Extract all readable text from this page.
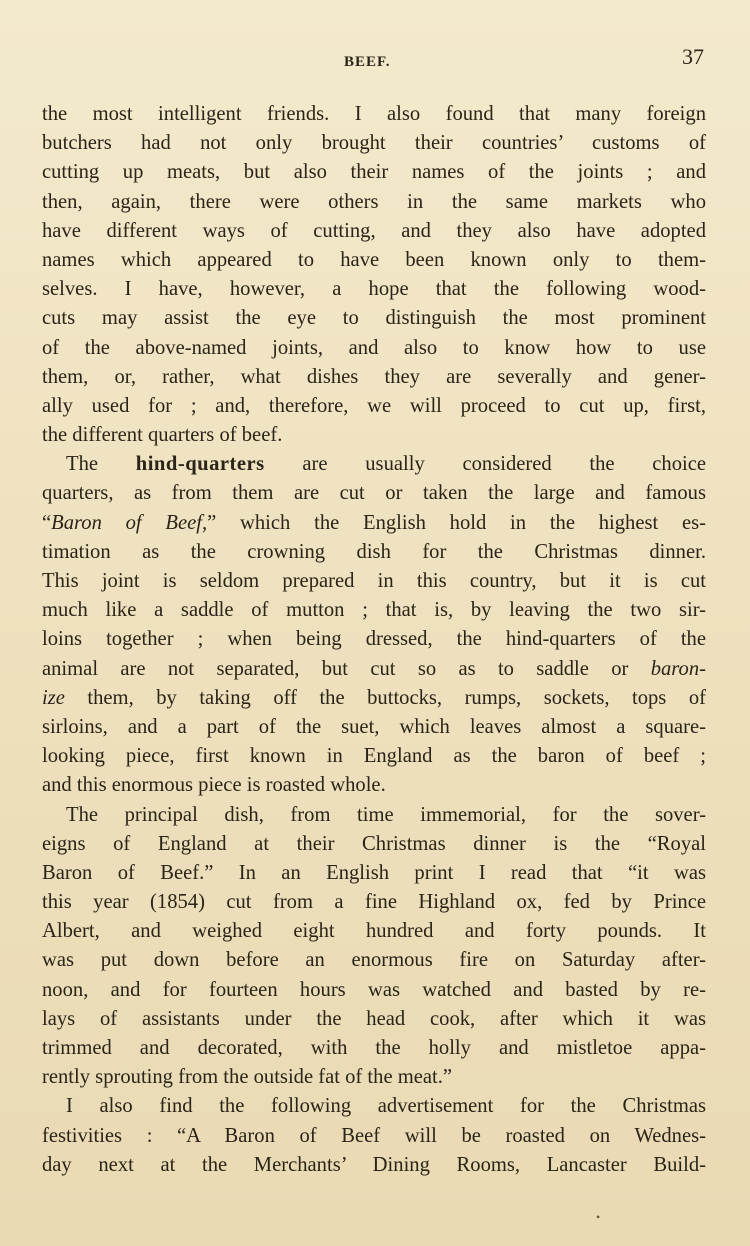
BEEF.	37
the most intelligent friends. I also found that many foreign
butchers had not only brought their countries’ customs of
cutting up meats, but also their names of the joints ; and
then, again, there were others in the same markets who
have different ways of cutting, and they also have adopted
names which appeared to have been known only to them-
selves. I have, however, a hope that the following wood-
cuts may assist the eye to distinguish the most prominent
of the above-named joints, and also to know how to use
them, or, rather, what dishes they are severally and gener-
ally used for ; and, therefore, we will proceed to cut up, first,
the different quarters of beef.
The hind-quarters are usually considered the choice
quarters, as from them are cut or taken the large and famous
“Baron of Beef,” which the English hold in the highest es-
timation as the crowning dish for the Christmas dinner.
This joint is seldom prepared in this country, but it is cut
much like a saddle of mutton ; that is, by leaving the two sir-
loins together ; when being dressed, the hind-quarters of the
animal are not separated, but cut so as to saddle or baron-
ize them, by taking off the buttocks, rumps, sockets, tops of
sirloins, and a part of the suet, which leaves almost a square-
looking piece, first known in England as the baron of beef ;
and this enormous piece is roasted whole.
The principal dish, from time immemorial, for the sover-
eigns of England at their Christmas dinner is the “Royal
Baron of Beef.” In an English print I read that “it was
this year (1854) cut from a fine Highland ox, fed by Prince
Albert, and weighed eight hundred and forty pounds. It
was put down before an enormous fire on Saturday after-
noon, and for fourteen hours was watched and basted by re-
lays of assistants under the head cook, after which it was
trimmed and decorated, with the holly and mistletoe appa-
rently sprouting from the outside fat of the meat.”
I also find the following advertisement for the Christmas
festivities : “A Baron of Beef will be roasted on Wednes-
day next at the Merchants’ Dining Rooms, Lancaster Build-
•
